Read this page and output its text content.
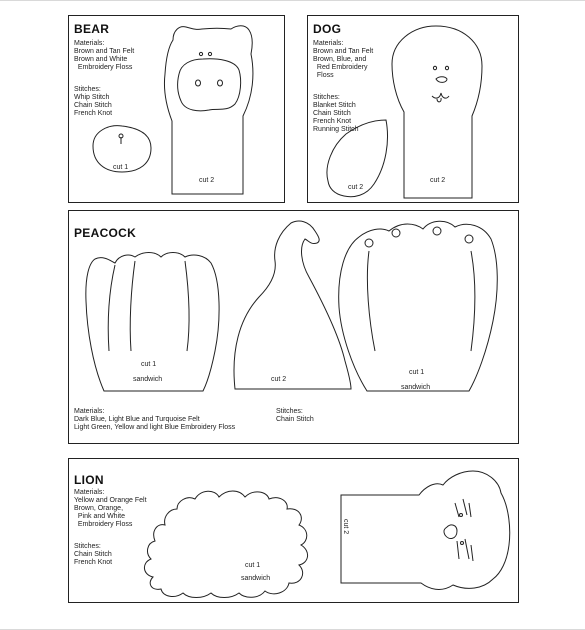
BEAR
Materials:
Brown and Tan Felt
Brown and White
Embroidery Floss
Stitches:
Whip Stitch
Chain Stitch
French Knot
cut 1
cut 2
DOG
Materials:
Brown and Tan Felt
Brown, Blue, and
Red Embroidery
Floss
Stitches:
Blanket Stitch
Chain Stitch
French Knot
Running Stitch
cut 2
cut 2
PEACOCK
cut 1
sandwich	cut 2
cut 1
sandwich
Materials:
Dark Blue, Light Blue and Turquoise Felt
Light Green, Yellow and light Blue Embroidery Floss
Stitches:
Chain Stitch
LION
Materials:
Yellow and Orange Felt
Brown, Orange,
Pink and White
Embroidery Floss
Stitches:
Chain Stitch
French Knot	cut 1
sandwich
cut 2
